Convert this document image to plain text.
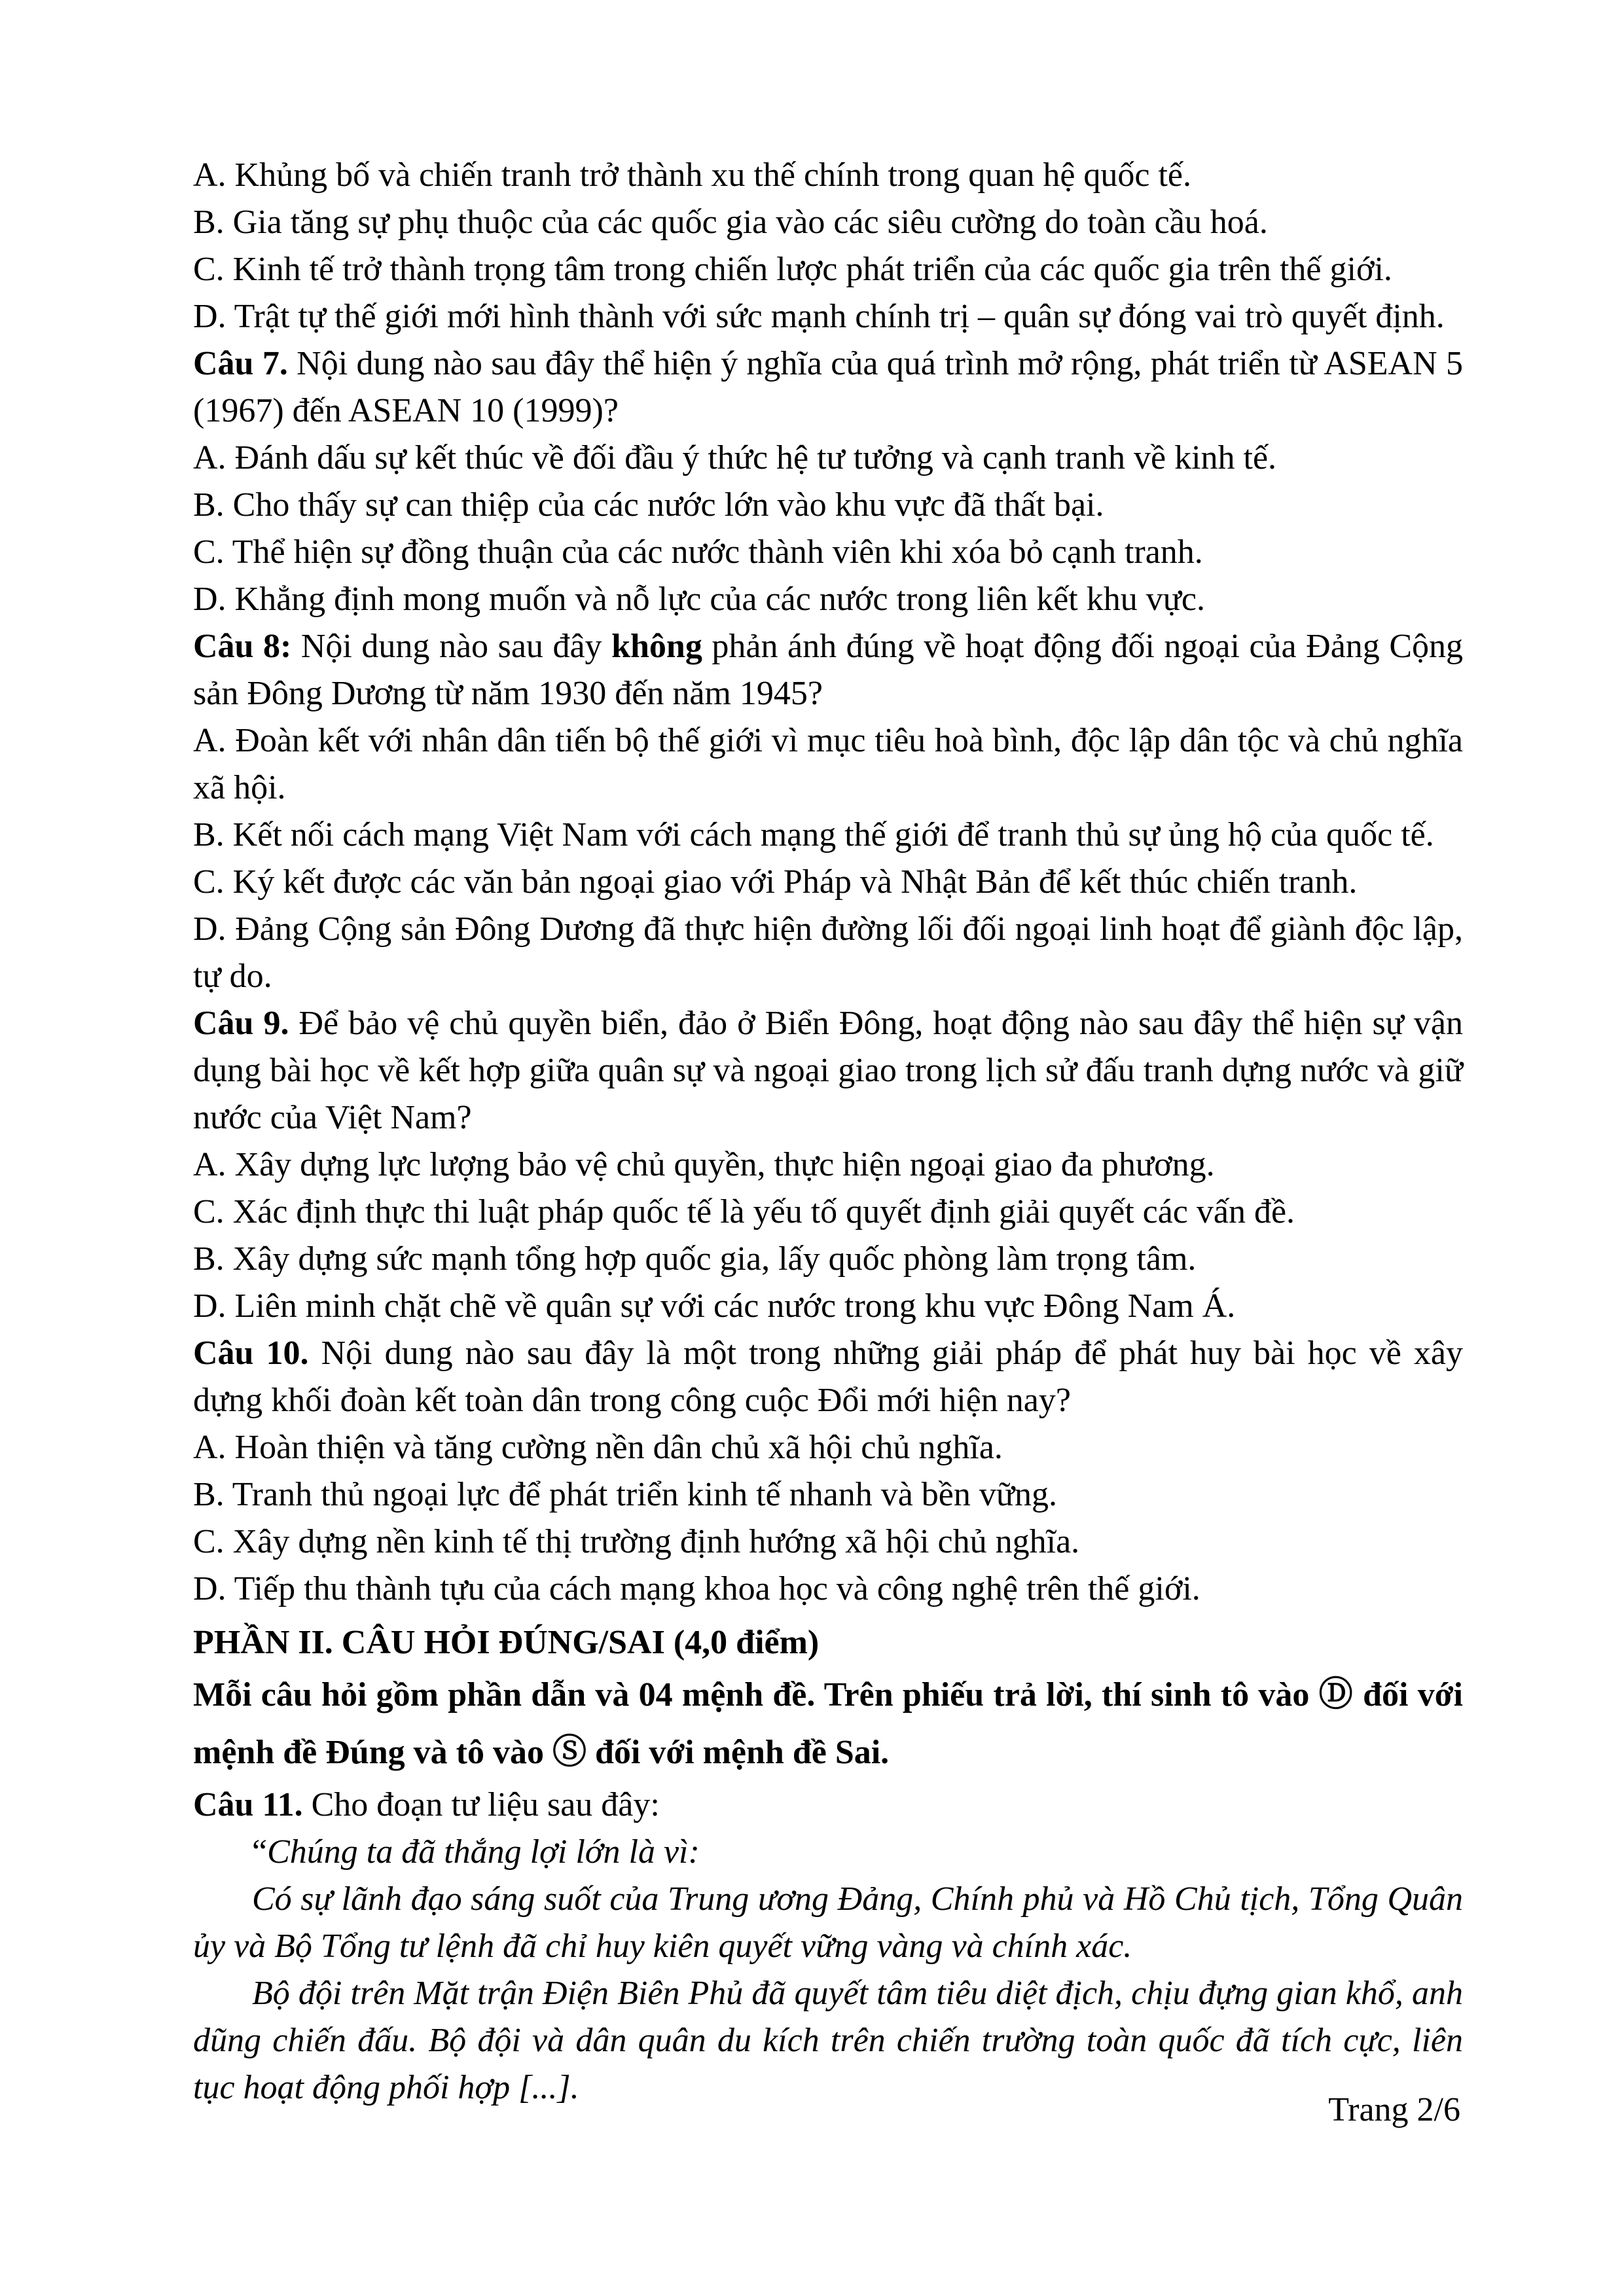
A. Khủng bố và chiến tranh trở thành xu thế chính trong quan hệ quốc tế.
B. Gia tăng sự phụ thuộc của các quốc gia vào các siêu cường do toàn cầu hoá.
C. Kinh tế trở thành trọng tâm trong chiến lược phát triển của các quốc gia trên thế giới.
D. Trật tự thế giới mới hình thành với sức mạnh chính trị – quân sự đóng vai trò quyết định.
Câu 7. Nội dung nào sau đây thể hiện ý nghĩa của quá trình mở rộng, phát triển từ ASEAN 5 (1967) đến ASEAN 10 (1999)?
A. Đánh dấu sự kết thúc về đối đầu ý thức hệ tư tưởng và cạnh tranh về kinh tế.
B. Cho thấy sự can thiệp của các nước lớn vào khu vực đã thất bại.
C. Thể hiện sự đồng thuận của các nước thành viên khi xóa bỏ cạnh tranh.
D. Khẳng định mong muốn và nỗ lực của các nước trong liên kết khu vực.
Câu 8: Nội dung nào sau đây không phản ánh đúng về hoạt động đối ngoại của Đảng Cộng sản Đông Dương từ năm 1930 đến năm 1945?
A. Đoàn kết với nhân dân tiến bộ thế giới vì mục tiêu hoà bình, độc lập dân tộc và chủ nghĩa xã hội.
B. Kết nối cách mạng Việt Nam với cách mạng thế giới để tranh thủ sự ủng hộ của quốc tế.
C. Ký kết được các văn bản ngoại giao với Pháp và Nhật Bản để kết thúc chiến tranh.
D. Đảng Cộng sản Đông Dương đã thực hiện đường lối đối ngoại linh hoạt để giành độc lập, tự do.
Câu 9. Để bảo vệ chủ quyền biển, đảo ở Biển Đông, hoạt động nào sau đây thể hiện sự vận dụng bài học về kết hợp giữa quân sự và ngoại giao trong lịch sử đấu tranh dựng nước và giữ nước của Việt Nam?
A. Xây dựng lực lượng bảo vệ chủ quyền, thực hiện ngoại giao đa phương.
C. Xác định thực thi luật pháp quốc tế là yếu tố quyết định giải quyết các vấn đề.
B. Xây dựng sức mạnh tổng hợp quốc gia, lấy quốc phòng làm trọng tâm.
D. Liên minh chặt chẽ về quân sự với các nước trong khu vực Đông Nam Á.
Câu 10. Nội dung nào sau đây là một trong những giải pháp để phát huy bài học về xây dựng khối đoàn kết toàn dân trong công cuộc Đổi mới hiện nay?
A. Hoàn thiện và tăng cường nền dân chủ xã hội chủ nghĩa.
B. Tranh thủ ngoại lực để phát triển kinh tế nhanh và bền vững.
C. Xây dựng nền kinh tế thị trường định hướng xã hội chủ nghĩa.
D. Tiếp thu thành tựu của cách mạng khoa học và công nghệ trên thế giới.
PHẦN II. CÂU HỎI ĐÚNG/SAI (4,0 điểm)
Mỗi câu hỏi gồm phần dẫn và 04 mệnh đề. Trên phiếu trả lời, thí sinh tô vào Ⓓ đối với mệnh đề Đúng và tô vào Ⓢ đối với mệnh đề Sai.
Câu 11. Cho đoạn tư liệu sau đây:
“Chúng ta đã thắng lợi lớn là vì:
Có sự lãnh đạo sáng suốt của Trung ương Đảng, Chính phủ và Hồ Chủ tịch, Tổng Quân ủy và Bộ Tổng tư lệnh đã chỉ huy kiên quyết vững vàng và chính xác.
Bộ đội trên Mặt trận Điện Biên Phủ đã quyết tâm tiêu diệt địch, chịu đựng gian khổ, anh dũng chiến đấu. Bộ đội và dân quân du kích trên chiến trường toàn quốc đã tích cực, liên tục hoạt động phối hợp [...].
Trang 2/6
